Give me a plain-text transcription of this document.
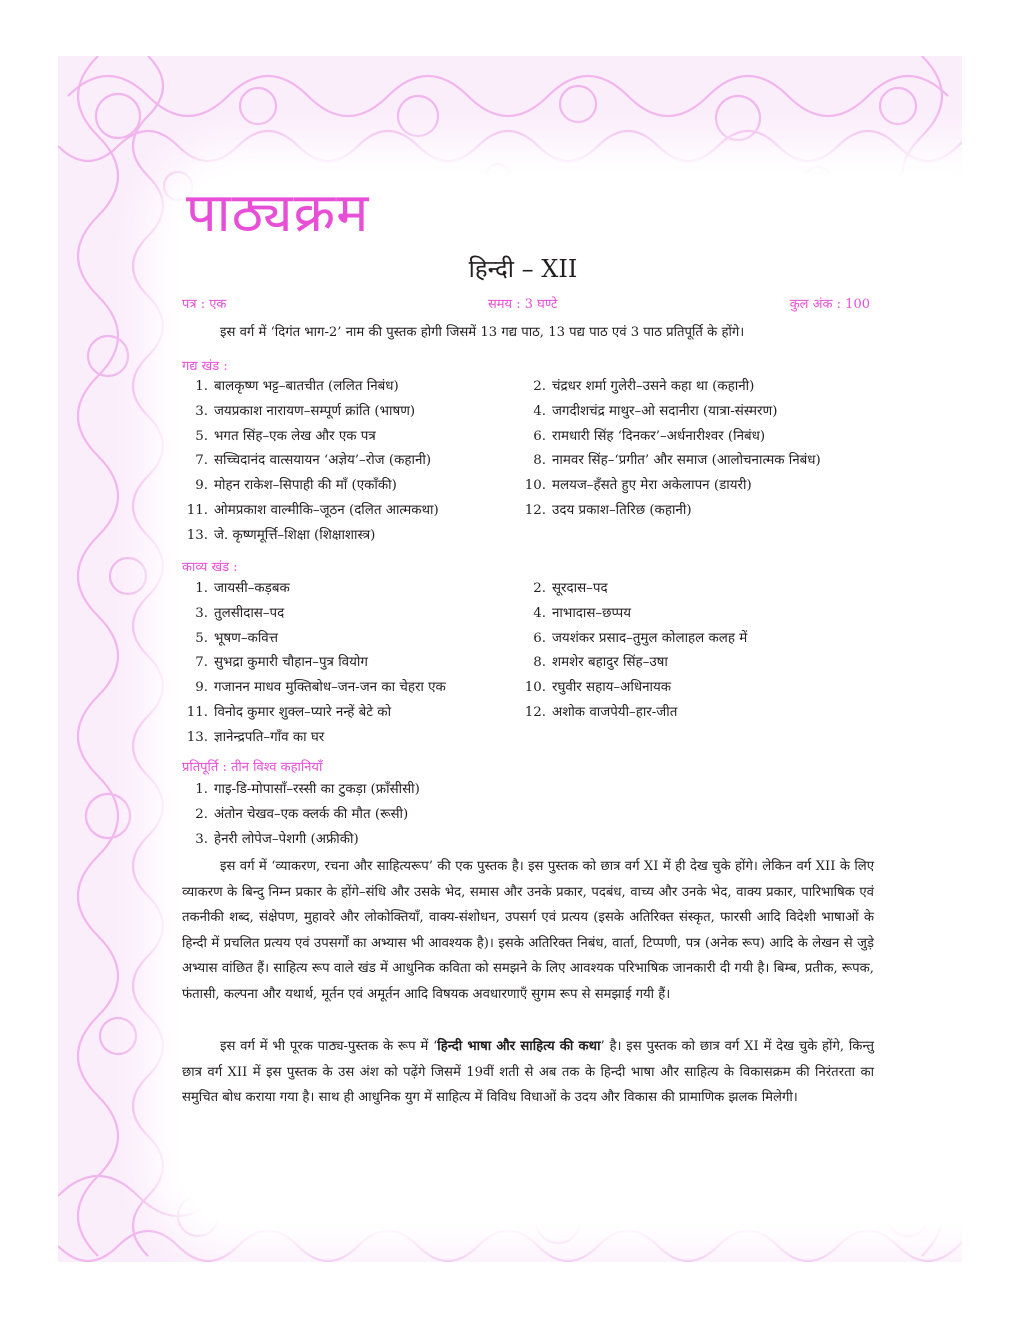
पाठ्यक्रम
हिन्दी – XII
पत्र : एक	समय : 3 घण्टे	कुल अंक : 100
इस वर्ग में ‘दिगंत भाग-2’ नाम की पुस्तक होगी जिसमें 13 गद्य पाठ, 13 पद्य पाठ एवं 3 पाठ प्रतिपूर्ति के होंगे।
गद्य खंड :
1. बालकृष्ण भट्ट–बातचीत (ललित निबंध)
3. जयप्रकाश नारायण–सम्पूर्ण क्रांति (भाषण)
5. भगत सिंह–एक लेख और एक पत्र
7. सच्चिदानंद वात्सयायन ‘अज्ञेय’–रोज (कहानी)
9. मोहन राकेश–सिपाही की माँ (एकाँकी)
11. ओमप्रकाश वाल्मीकि–जूठन (दलित आत्मकथा)
13. जे. कृष्णमूर्त्ति–शिक्षा (शिक्षाशास्त्र)
2. चंद्रधर शर्मा गुलेरी–उसने कहा था (कहानी)
4. जगदीशचंद्र माथुर–ओ सदानीरा (यात्रा-संस्मरण)
6. रामधारी सिंह ‘दिनकर’–अर्धनारीश्वर (निबंध)
8. नामवर सिंह–‘प्रगीत’ और समाज (आलोचनात्मक निबंध)
10. मलयज–हँसते हुए मेरा अकेलापन (डायरी)
12. उदय प्रकाश–तिरिछ (कहानी)
काव्य खंड :
1. जायसी–कड़बक
3. तुलसीदास–पद
5. भूषण–कवित्त
7. सुभद्रा कुमारी चौहान–पुत्र वियोग
9. गजानन माधव मुक्तिबोध–जन-जन का चेहरा एक
11. विनोद कुमार शुक्ल–प्यारे नन्हें बेटे को
13. ज्ञानेन्द्रपति–गाँव का घर
2. सूरदास–पद
4. नाभादास–छप्पय
6. जयशंकर प्रसाद–तुमुल कोलाहल कलह में
8. शमशेर बहादुर सिंह–उषा
10. रघुवीर सहाय–अधिनायक
12. अशोक वाजपेयी–हार-जीत
प्रतिपूर्ति : तीन विश्व कहानियाँ
1. गाइ-डि-मोपासाँ–रस्सी का टुकड़ा (फ्राँसीसी)
2. अंतोन चेखव–एक क्लर्क की मौत (रूसी)
3. हेनरी लोपेज–पेशगी (अफ्रीकी)
इस वर्ग में ‘व्याकरण, रचना और साहित्यरूप’ की एक पुस्तक है। इस पुस्तक को छात्र वर्ग XI में ही देख चुके होंगे। लेकिन वर्ग XII के लिए व्याकरण के बिन्दु निम्न प्रकार के होंगे–संधि और उसके भेद, समास और उनके प्रकार, पदबंध, वाच्य और उनके भेद, वाक्य प्रकार, पारिभाषिक एवं तकनीकी शब्द, संक्षेपण, मुहावरे और लोकोक्तियाँ, वाक्य-संशोधन, उपसर्ग एवं प्रत्यय (इसके अतिरिक्त संस्कृत, फारसी आदि विदेशी भाषाओं के हिन्दी में प्रचलित प्रत्यय एवं उपसर्गों का अभ्यास भी आवश्यक है)। इसके अतिरिक्त निबंध, वार्ता, टिप्पणी, पत्र (अनेक रूप) आदि के लेखन से जुड़े अभ्यास वांछित हैं। साहित्य रूप वाले खंड में आधुनिक कविता को समझने के लिए आवश्यक परिभाषिक जानकारी दी गयी है। बिम्ब, प्रतीक, रूपक, फंतासी, कल्पना और यथार्थ, मूर्तन एवं अमूर्तन आदि विषयक अवधारणाएँ सुगम रूप से समझाई गयी हैं।
इस वर्ग में भी पूरक पाठ्य-पुस्तक के रूप में ‘हिन्दी भाषा और साहित्य की कथा’ है। इस पुस्तक को छात्र वर्ग XI में देख चुके होंगे, किन्तु छात्र वर्ग XII में इस पुस्तक के उस अंश को पढ़ेंगे जिसमें 19वीं शती से अब तक के हिन्दी भाषा और साहित्य के विकासक्रम की निरंतरता का समुचित बोध कराया गया है। साथ ही आधुनिक युग में साहित्य में विविध विधाओं के उदय और विकास की प्रामाणिक झलक मिलेगी।
